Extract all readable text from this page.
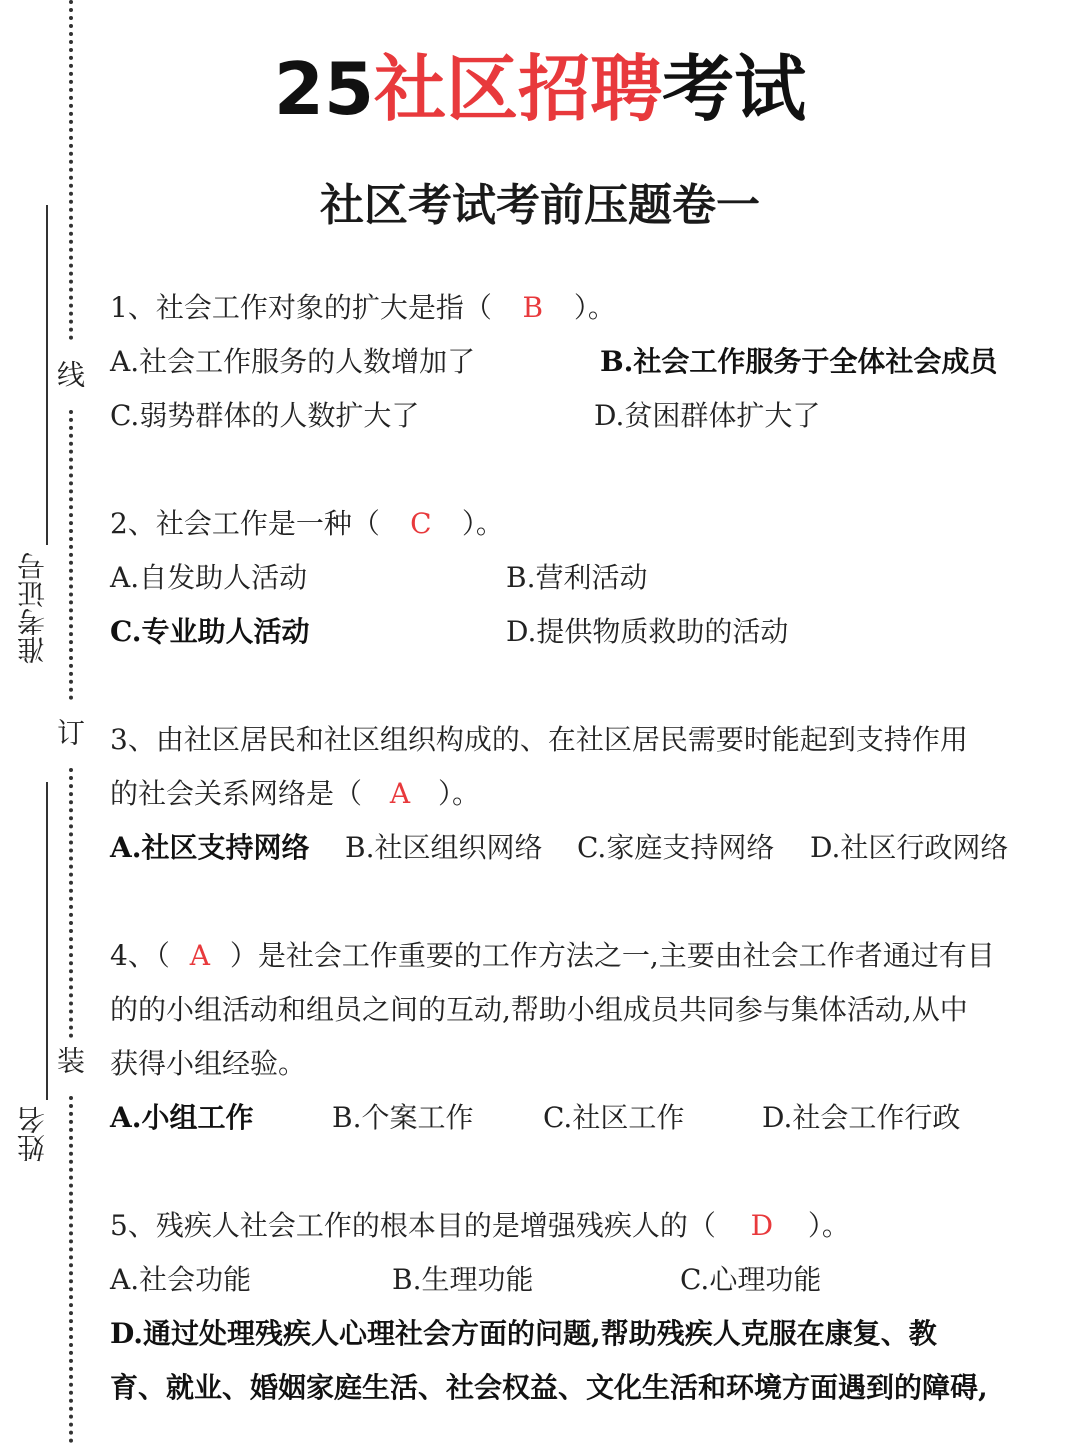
线
订
装
准考证号
姓名
25社区招聘考试
社区考试考前压题卷一
1、社会工作对象的扩大是指（ B ）。
A.社会工作服务的人数增加了	B.社会工作服务于全体社会成员
C.弱势群体的人数扩大了	D.贫困群体扩大了
2、社会工作是一种（ C ）。
A.自发助人活动	B.营利活动
C.专业助人活动	D.提供物质救助的活动
3、由社区居民和社区组织构成的、在社区居民需要时能起到支持作用
的社会关系网络是（ A ）。
A.社区支持网络 B.社区组织网络 C.家庭支持网络 D.社区行政网络
4、（ A ）是社会工作重要的工作方法之一,主要由社会工作者通过有目
的的小组活动和组员之间的互动,帮助小组成员共同参与集体活动,从中
获得小组经验。
A.小组工作	B.个案工作 C.社区工作	D.社会工作行政
5、残疾人社会工作的根本目的是增强残疾人的（ D ）。
A.社会功能	B.生理功能	C.心理功能
D.通过处理残疾人心理社会方面的问题,帮助残疾人克服在康复、教
育、就业、婚姻家庭生活、社会权益、文化生活和环境方面遇到的障碍,
